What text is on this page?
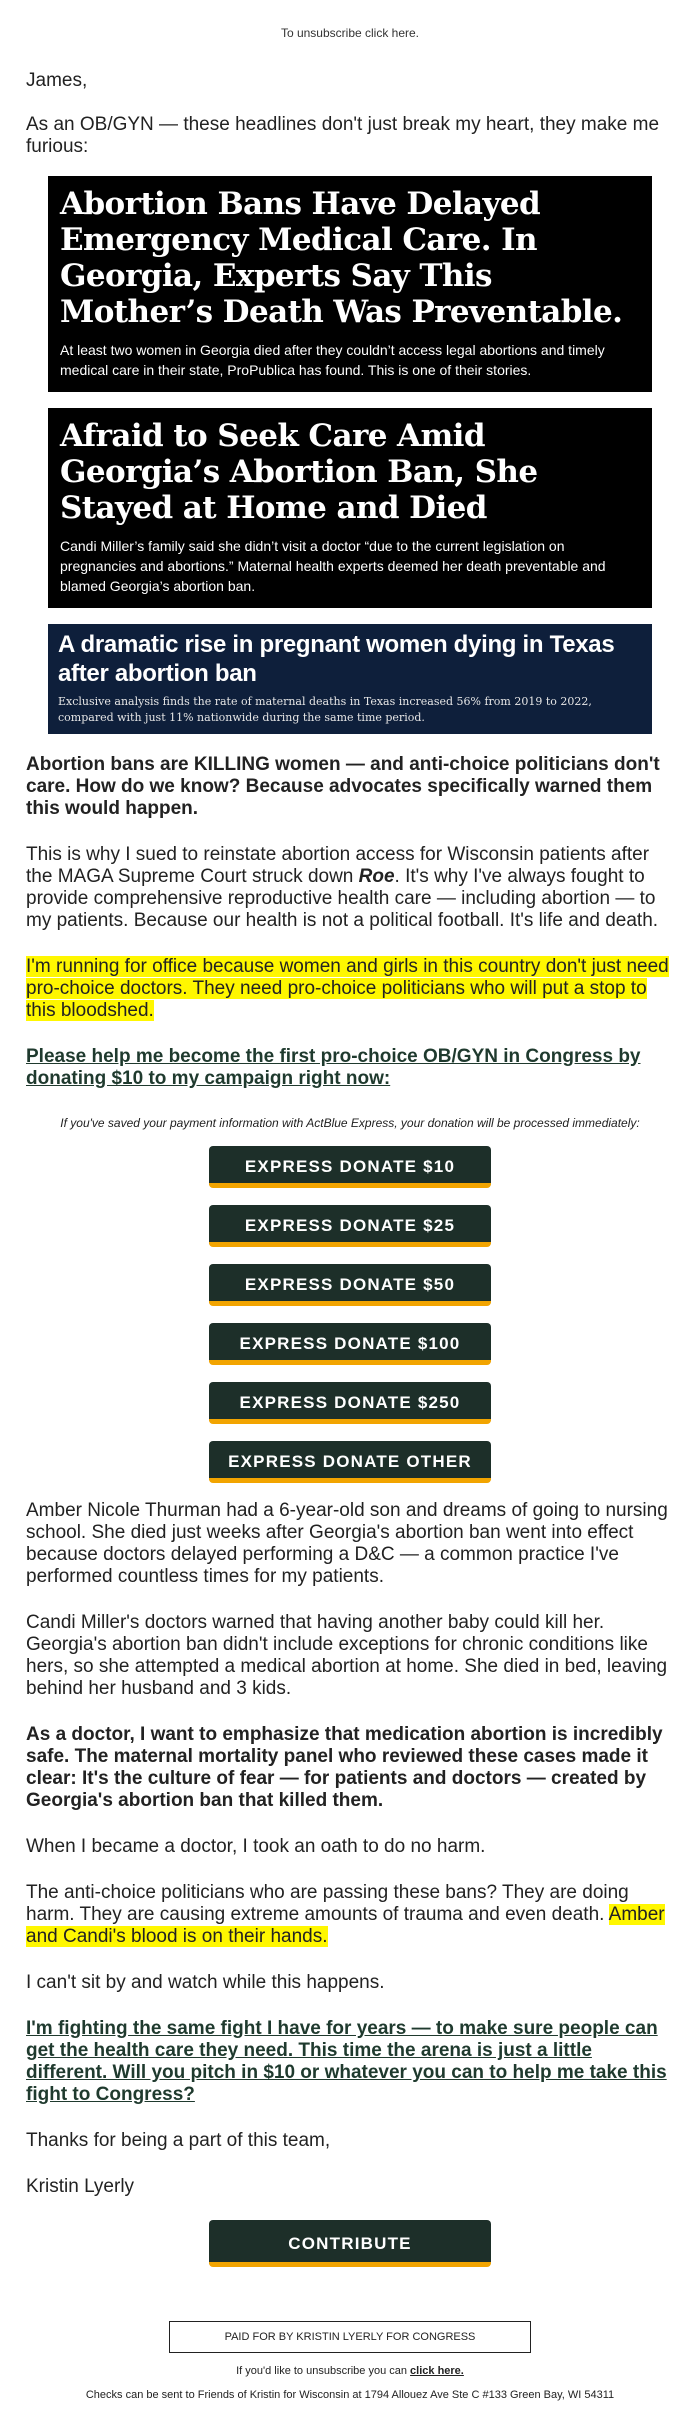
To unsubscribe click here.

James,

As an OB/GYN — these headlines don't just break my heart, they make me furious:

Abortion Bans Have Delayed Emergency Medical Care. In Georgia, Experts Say This Mother’s Death Was Preventable.
At least two women in Georgia died after they couldn’t access legal abortions and timely medical care in their state, ProPublica has found. This is one of their stories.
Afraid to Seek Care Amid Georgia’s Abortion Ban, She Stayed at Home and Died
Candi Miller’s family said she didn’t visit a doctor “due to the current legislation on pregnancies and abortions.” Maternal health experts deemed her death preventable and blamed Georgia’s abortion ban.
A dramatic rise in pregnant women dying in Texas after abortion ban
Exclusive analysis finds the rate of maternal deaths in Texas increased 56% from 2019 to 2022, compared with just 11% nationwide during the same time period.

Abortion bans are KILLING women — and anti-choice politicians don't care. How do we know? Because advocates specifically warned them this would happen.

This is why I sued to reinstate abortion access for Wisconsin patients after the MAGA Supreme Court struck down Roe. It's why I've always fought to provide comprehensive reproductive health care — including abortion — to my patients. Because our health is not a political football. It's life and death.

I'm running for office because women and girls in this country don't just need pro-choice doctors. They need pro-choice politicians who will put a stop to this bloodshed.

Please help me become the first pro-choice OB/GYN in Congress by donating $10 to my campaign right now:

If you've saved your payment information with ActBlue Express, your donation will be processed immediately:
EXPRESS DONATE $10
EXPRESS DONATE $25
EXPRESS DONATE $50
EXPRESS DONATE $100
EXPRESS DONATE $250
EXPRESS DONATE OTHER

Amber Nicole Thurman had a 6-year-old son and dreams of going to nursing school. She died just weeks after Georgia's abortion ban went into effect because doctors delayed performing a D&C — a common practice I've performed countless times for my patients.

Candi Miller's doctors warned that having another baby could kill her. Georgia's abortion ban didn't include exceptions for chronic conditions like hers, so she attempted a medical abortion at home. She died in bed, leaving behind her husband and 3 kids.

As a doctor, I want to emphasize that medication abortion is incredibly safe. The maternal mortality panel who reviewed these cases made it clear: It's the culture of fear — for patients and doctors — created by Georgia's abortion ban that killed them.

When I became a doctor, I took an oath to do no harm.

The anti-choice politicians who are passing these bans? They are doing harm. They are causing extreme amounts of trauma and even death. Amber and Candi's blood is on their hands.

I can't sit by and watch while this happens.

I'm fighting the same fight I have for years — to make sure people can get the health care they need. This time the arena is just a little different. Will you pitch in $10 or whatever you can to help me take this fight to Congress?

Thanks for being a part of this team,

Kristin Lyerly

CONTRIBUTE
PAID FOR BY KRISTIN LYERLY FOR CONGRESS
If you'd like to unsubscribe you can click here.
Checks can be sent to Friends of Kristin for Wisconsin at 1794 Allouez Ave Ste C #133 Green Bay, WI 54311
